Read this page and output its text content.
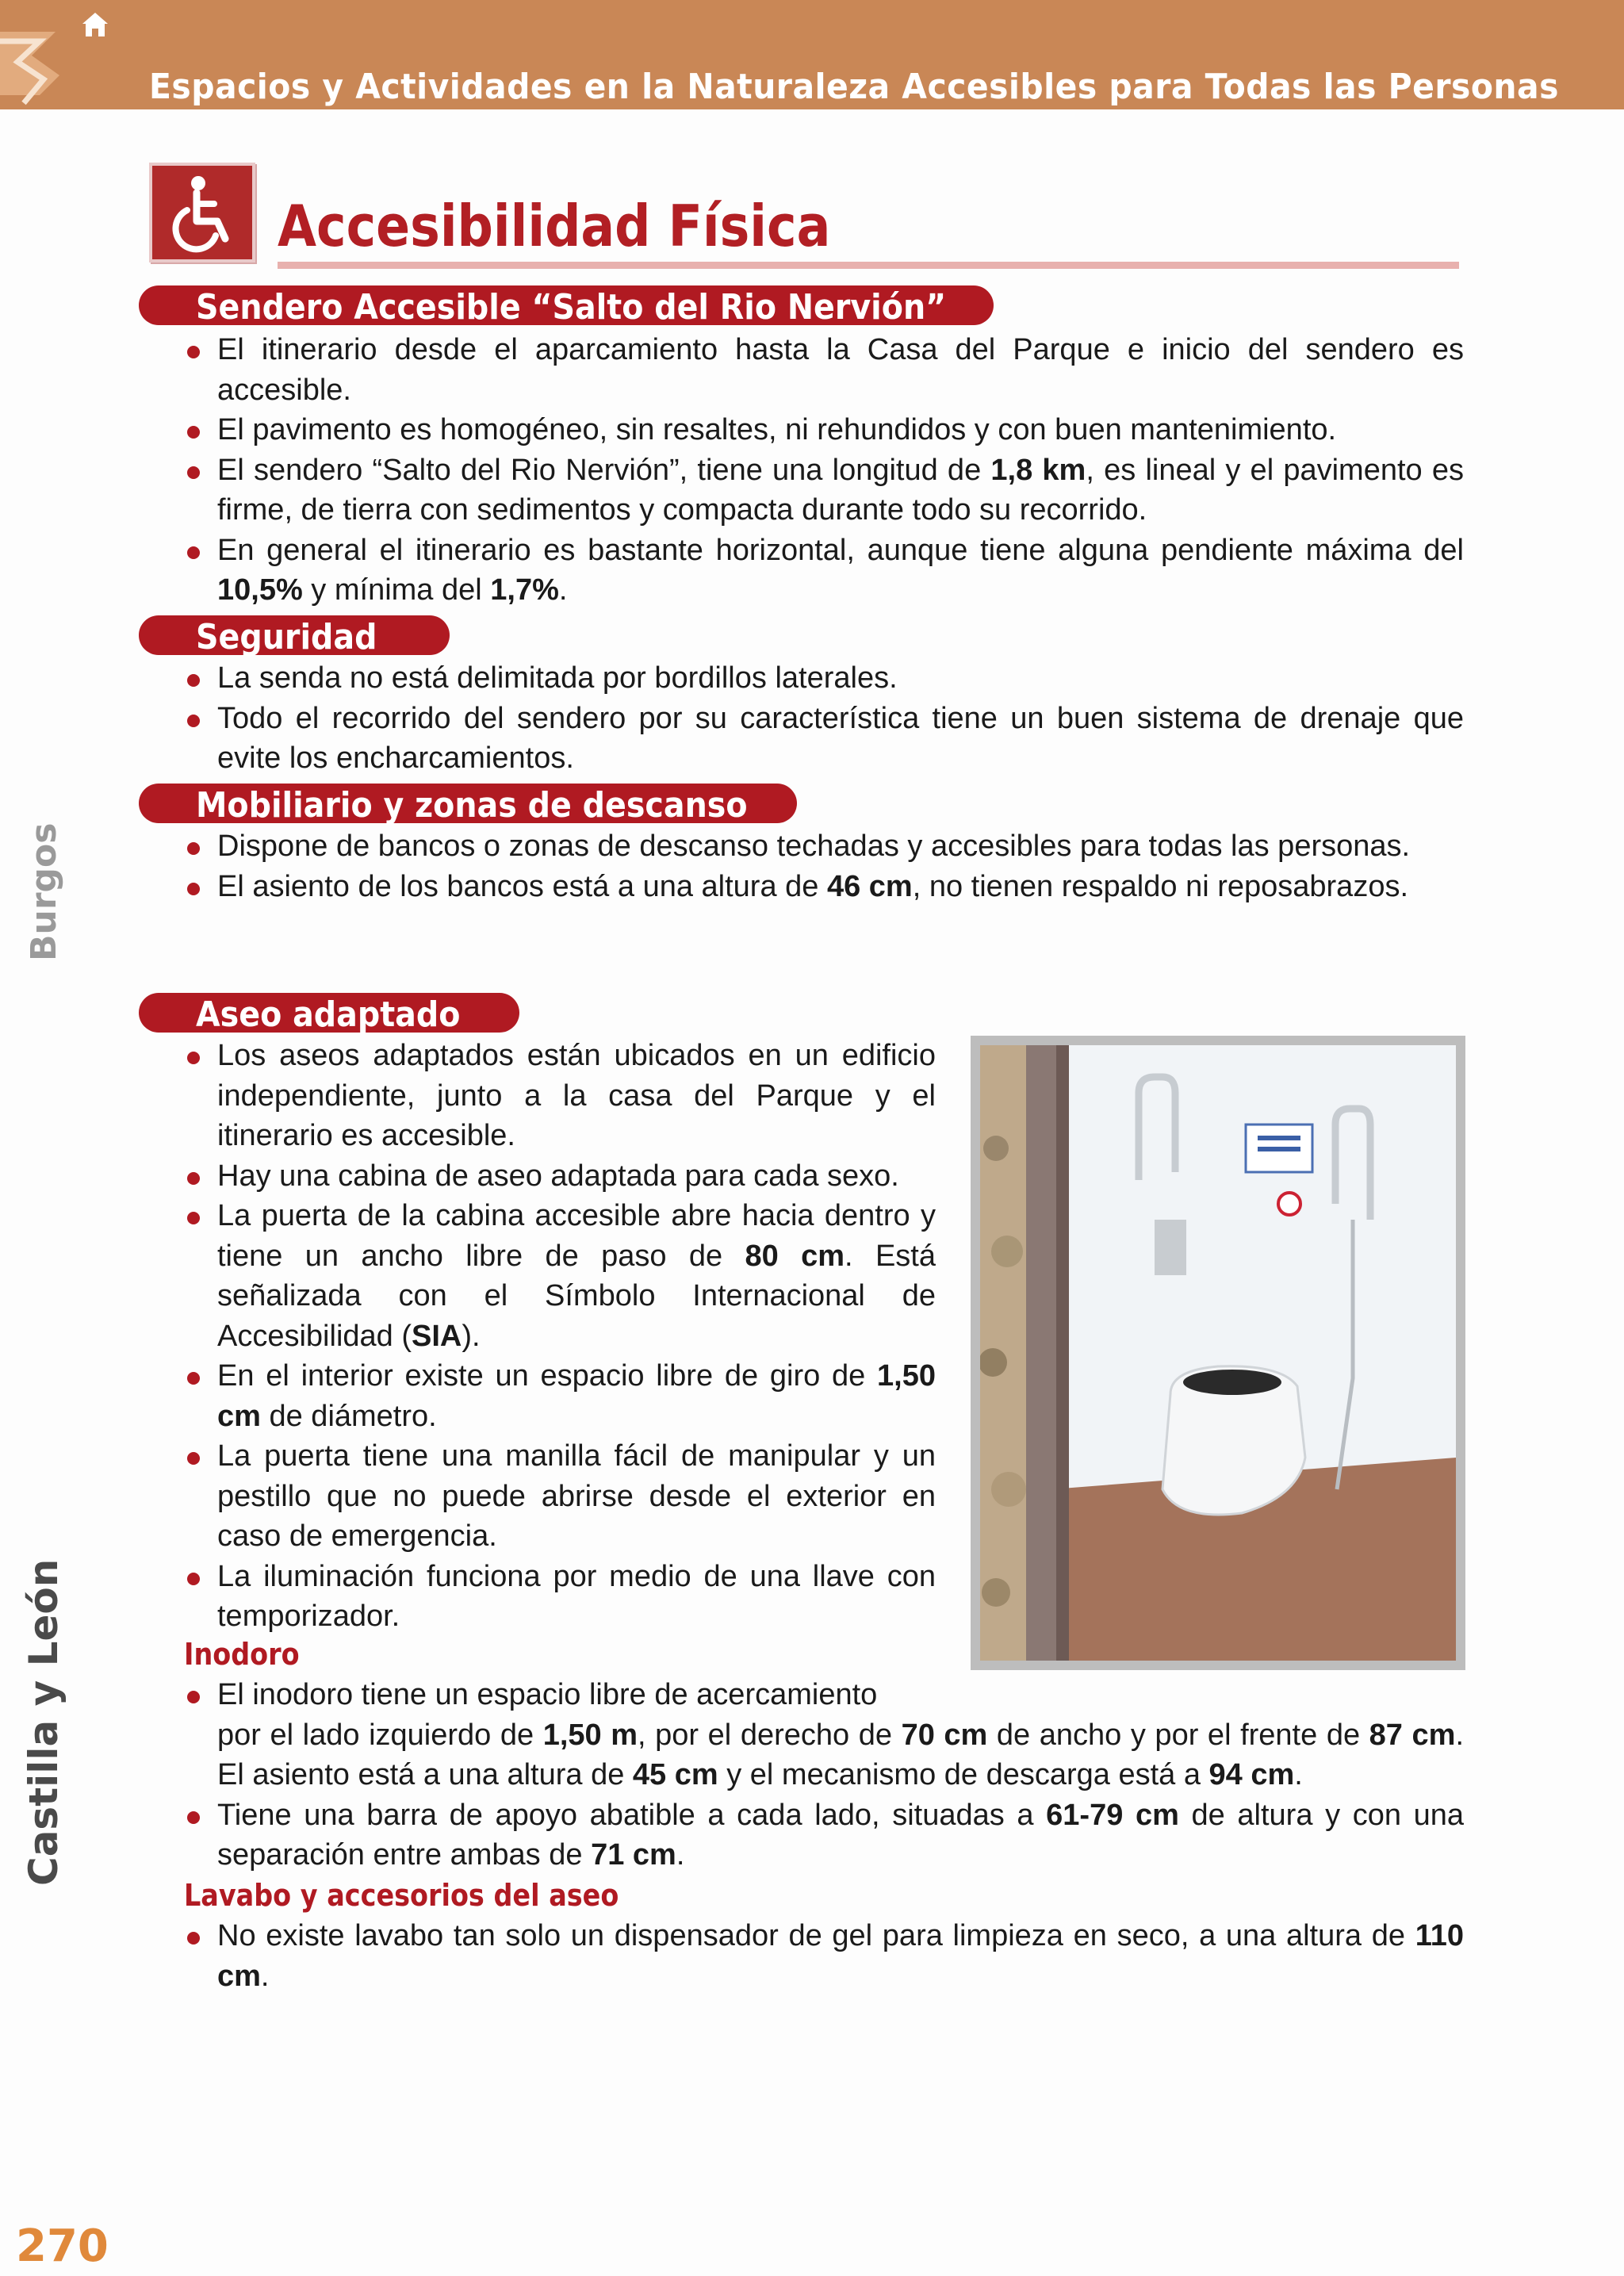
Espacios y Actividades en la Naturaleza Accesibles para Todas las Personas
Accesibilidad Física
Sendero Accesible “Salto del Rio Nervión”

El itinerario desde el aparcamiento hasta la Casa del Parque e inicio del sendero es accesible.

El pavimento es homogéneo, sin resaltes, ni rehundidos y con buen mantenimiento.

El sendero “Salto del Rio Nervión”, tiene una longitud de 1,8 km, es lineal y el pavimento es firme, de tierra con sedimentos y compacta durante todo su recorrido.

En general el itinerario es bastante horizontal, aunque tiene alguna pendiente máxima del 10,5% y mínima del 1,7%.

Seguridad

La senda no está delimitada por bordillos laterales.

Todo el recorrido del sendero por su característica tiene un buen sistema de drenaje que evite los encharcamientos.

Mobiliario y zonas de descanso

Dispone de bancos o zonas de descanso techadas y accesibles para todas las personas.

El asiento de los bancos está a una altura de 46 cm, no tienen respaldo ni reposabrazos.

Aseo adaptado

Los aseos adaptados están ubicados en un edificio independiente, junto a la casa del Parque y el itinerario es accesible.

Hay una cabina de aseo adaptada para cada sexo.

La puerta de la cabina accesible abre hacia dentro y tiene un ancho libre de paso de 80 cm. Está señalizada con el Símbolo Internacional de Accesibilidad (SIA).

En el interior existe un espacio libre de giro de 1,50 cm de diámetro.

La puerta tiene una manilla fácil de manipular y un pestillo que no puede abrirse desde el exterior en caso de emergencia.

La iluminación funciona por medio de una llave con temporizador.

Inodoro

El inodoro tiene un espacio libre de acercamiento

por el lado izquierdo de 1,50 m, por el derecho de 70 cm de ancho y por el frente de 87 cm. El asiento está a una altura de 45 cm y el mecanismo de descarga está a 94 cm.

Tiene una barra de apoyo abatible a cada lado, situadas a 61-79 cm de altura y con una separación entre ambas de 71 cm.

Lavabo y accesorios del aseo

No existe lavabo tan solo un dispensador de gel para limpieza en seco, a una altura de 110 cm.

Castilla y León
Burgos
270
